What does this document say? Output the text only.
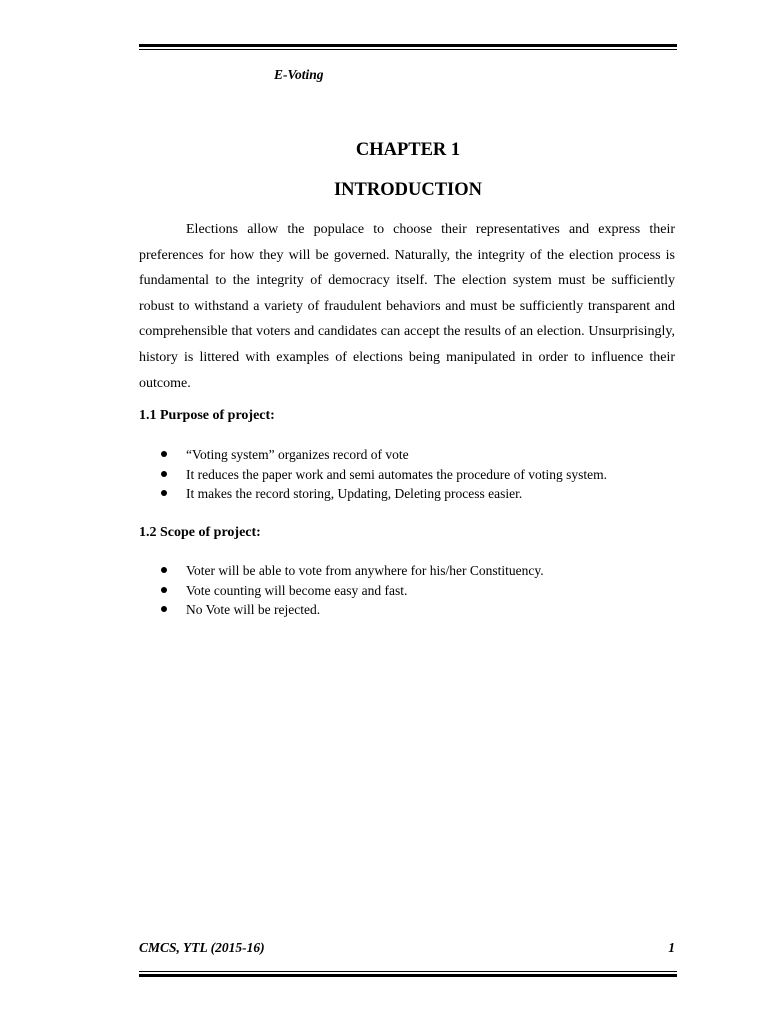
E-Voting
CHAPTER 1
INTRODUCTION

Elections allow the populace to choose their representatives and express their preferences for how they will be governed. Naturally, the integrity of the election process is fundamental to the integrity of democracy itself. The election system must be sufficiently robust to withstand a variety of fraudulent behaviors and must be sufficiently transparent and comprehensible that voters and candidates can accept the results of an election. Unsurprisingly, history is littered with examples of elections being manipulated in order to influence their outcome.

1.1 Purpose of project:
“Voting system” organizes record of vote
It reduces the paper work and semi automates the procedure of voting system.
It makes the record storing, Updating, Deleting process easier.
1.2 Scope of project:
Voter will be able to vote from anywhere for his/her Constituency.
Vote counting will become easy and fast.
No Vote will be rejected.
CMCS, YTL (2015-16)	1
